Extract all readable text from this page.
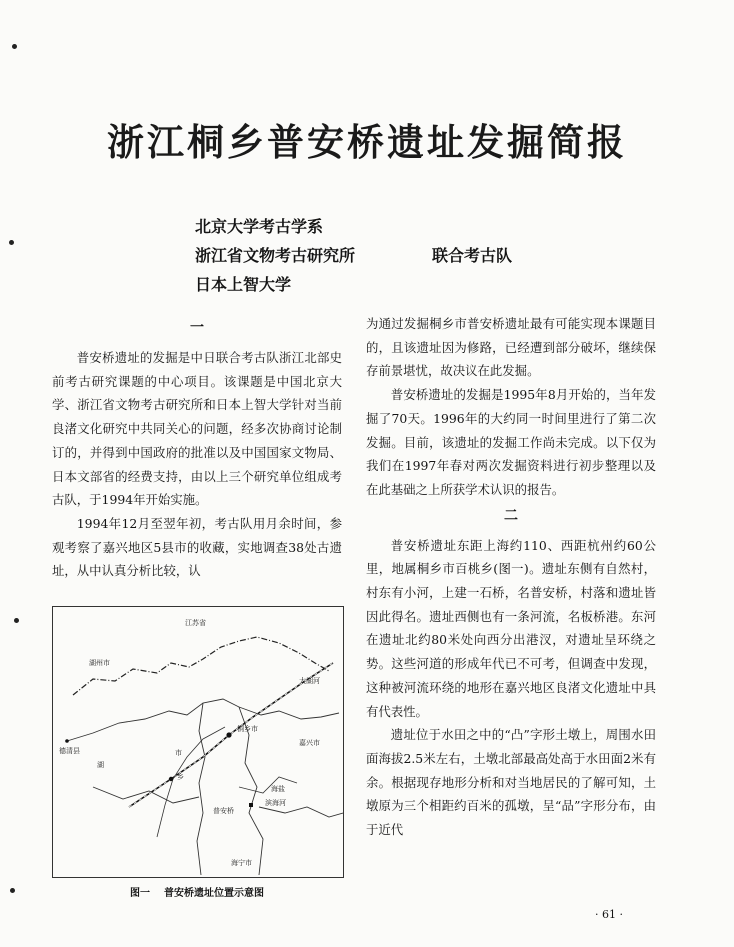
浙江桐乡普安桥遗址发掘简报
北京大学考古学系
浙江省文物考古研究所
日本上智大学
联合考古队
一

普安桥遗址的发掘是中日联合考古队浙江北部史前考古研究课题的中心项目。该课题是中国北京大学、浙江省文物考古研究所和日本上智大学针对当前良渚文化研究中共同关心的问题，经多次协商讨论制订的，并得到中国政府的批准以及中国国家文物局、日本文部省的经费支持，由以上三个研究单位组成考古队，于1994年开始实施。

1994年12月至翌年初，考古队用月余时间，参观考察了嘉兴地区5县市的收藏，实地调查38处古遗址，从中认真分析比较，认

为通过发掘桐乡市普安桥遗址最有可能实现本课题目的，且该遗址因为修路，已经遭到部分破坏，继续保存前景堪忧，故决议在此发掘。

普安桥遗址的发掘是1995年8月开始的，当年发掘了70天。1996年的大约同一时间里进行了第二次发掘。目前，该遗址的发掘工作尚未完成。以下仅为我们在1997年春对两次发掘资料进行初步整理以及在此基础之上所获学术认识的报告。

二

普安桥遗址东距上海约110、西距杭州约60公里，地属桐乡市百桃乡(图一)。遗址东侧有自然村，村东有小河，上建一石桥，名普安桥，村落和遗址皆因此得名。遗址西侧也有一条河流，名板桥港。东河在遗址北约80米处向西分出港汊，对遗址呈环绕之势。这些河道的形成年代已不可考，但调查中发现，这种被河流环绕的地形在嘉兴地区良渚文化遗址中具有代表性。

遗址位于水田之中的“凸”字形土墩上，周围水田面海拔2.5米左右，土墩北部最高处高于水田面2米有余。根据现存地形分析和对当地居民的了解可知，土墩原为三个相距约百米的孤墩，呈“品”字形分布，由于近代

江苏省
湖州市
太湖河
桐乡市
嘉兴市
德清县
湖
市
乡
普安桥
海盐
滨海河
海宁市
图一 普安桥遗址位置示意图
· 61 ·
